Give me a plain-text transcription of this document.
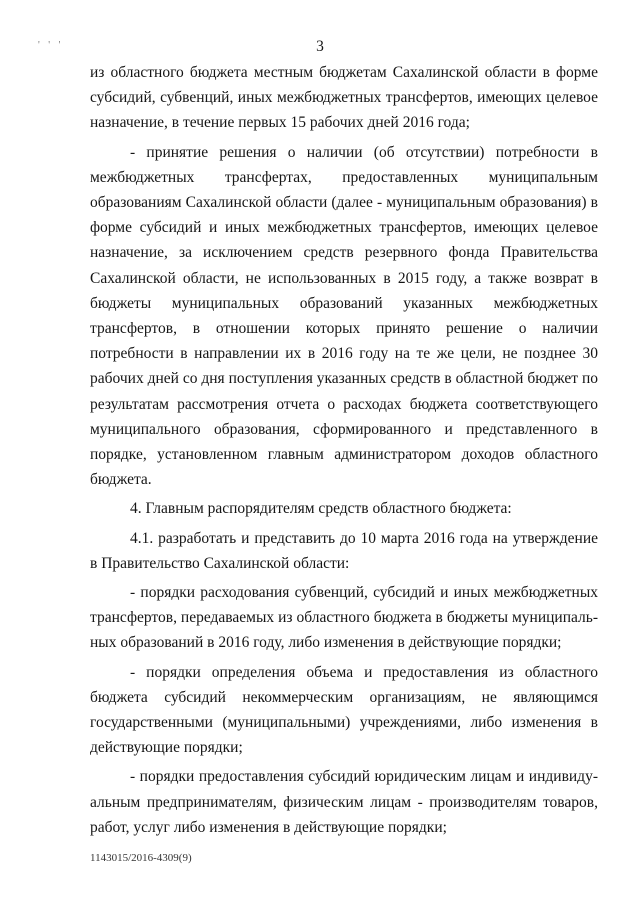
' ' '	3

из областного бюджета местным бюджетам Сахалинской области в форме субсидий, субвенций, иных межбюджетных трансфертов, имеющих целевое назначение, в течение первых 15 рабочих дней 2016 года;

- принятие решения о наличии (об отсутствии) потребности в межбюджетных трансфертах, предоставленных муниципальным образованиям Сахалинской области (далее - муниципальным образования) в форме субсидий и иных межбюджетных трансфертов, имеющих целевое назначение, за исключением средств резервного фонда Правительства Сахалинской области, не использованных в 2015 году, а также возврат в бюджеты муниципальных образований указанных межбюджетных трансфертов, в отношении которых принято решение о наличии потребности в направлении их в 2016 году на те же цели, не позднее 30 рабочих дней со дня поступления указанных средств в областной бюджет по результатам рассмотрения отчета о расходах бюджета соответствующего муниципального образования, сформированного и представленного в порядке, установленном главным администратором доходов областного бюджета.

4. Главным распорядителям средств областного бюджета:

4.1. разработать и представить до 10 марта 2016 года на утверждение в Правительство Сахалинской области:

- порядки расходования субвенций, субсидий и иных межбюджетных трансфертов, передаваемых из областного бюджета в бюджеты муниципальных образований в 2016 году, либо изменения в действующие порядки;

- порядки определения объема и предоставления из областного бюджета субсидий некоммерческим организациям, не являющимся государственными (муниципальными) учреждениями, либо изменения в действующие порядки;

- порядки предоставления субсидий юридическим лицам и индивидуальным предпринимателям, физическим лицам - производителям товаров, работ, услуг либо изменения в действующие порядки;

1143015/2016-4309(9)
